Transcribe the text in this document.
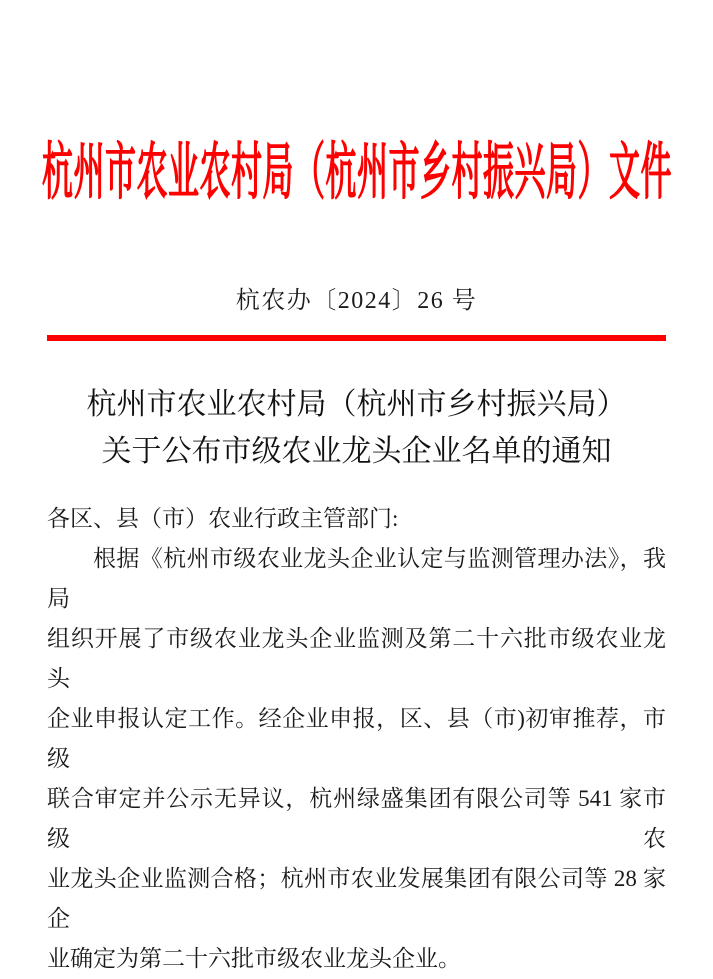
杭州市农业农村局（杭州市乡村振兴局）文件
杭农办〔2024〕26 号
杭州市农业农村局（杭州市乡村振兴局）
关于公布市级农业龙头企业名单的通知
各区、县（市）农业行政主管部门:
根据《杭州市级农业龙头企业认定与监测管理办法》，我局
组织开展了市级农业龙头企业监测及第二十六批市级农业龙头
企业申报认定工作。经企业申报，区、县（市)初审推荐，市级
联合审定并公示无异议，杭州绿盛集团有限公司等 541 家市级农
业龙头企业监测合格；杭州市农业发展集团有限公司等 28 家企
业确定为第二十六批市级农业龙头企业。
